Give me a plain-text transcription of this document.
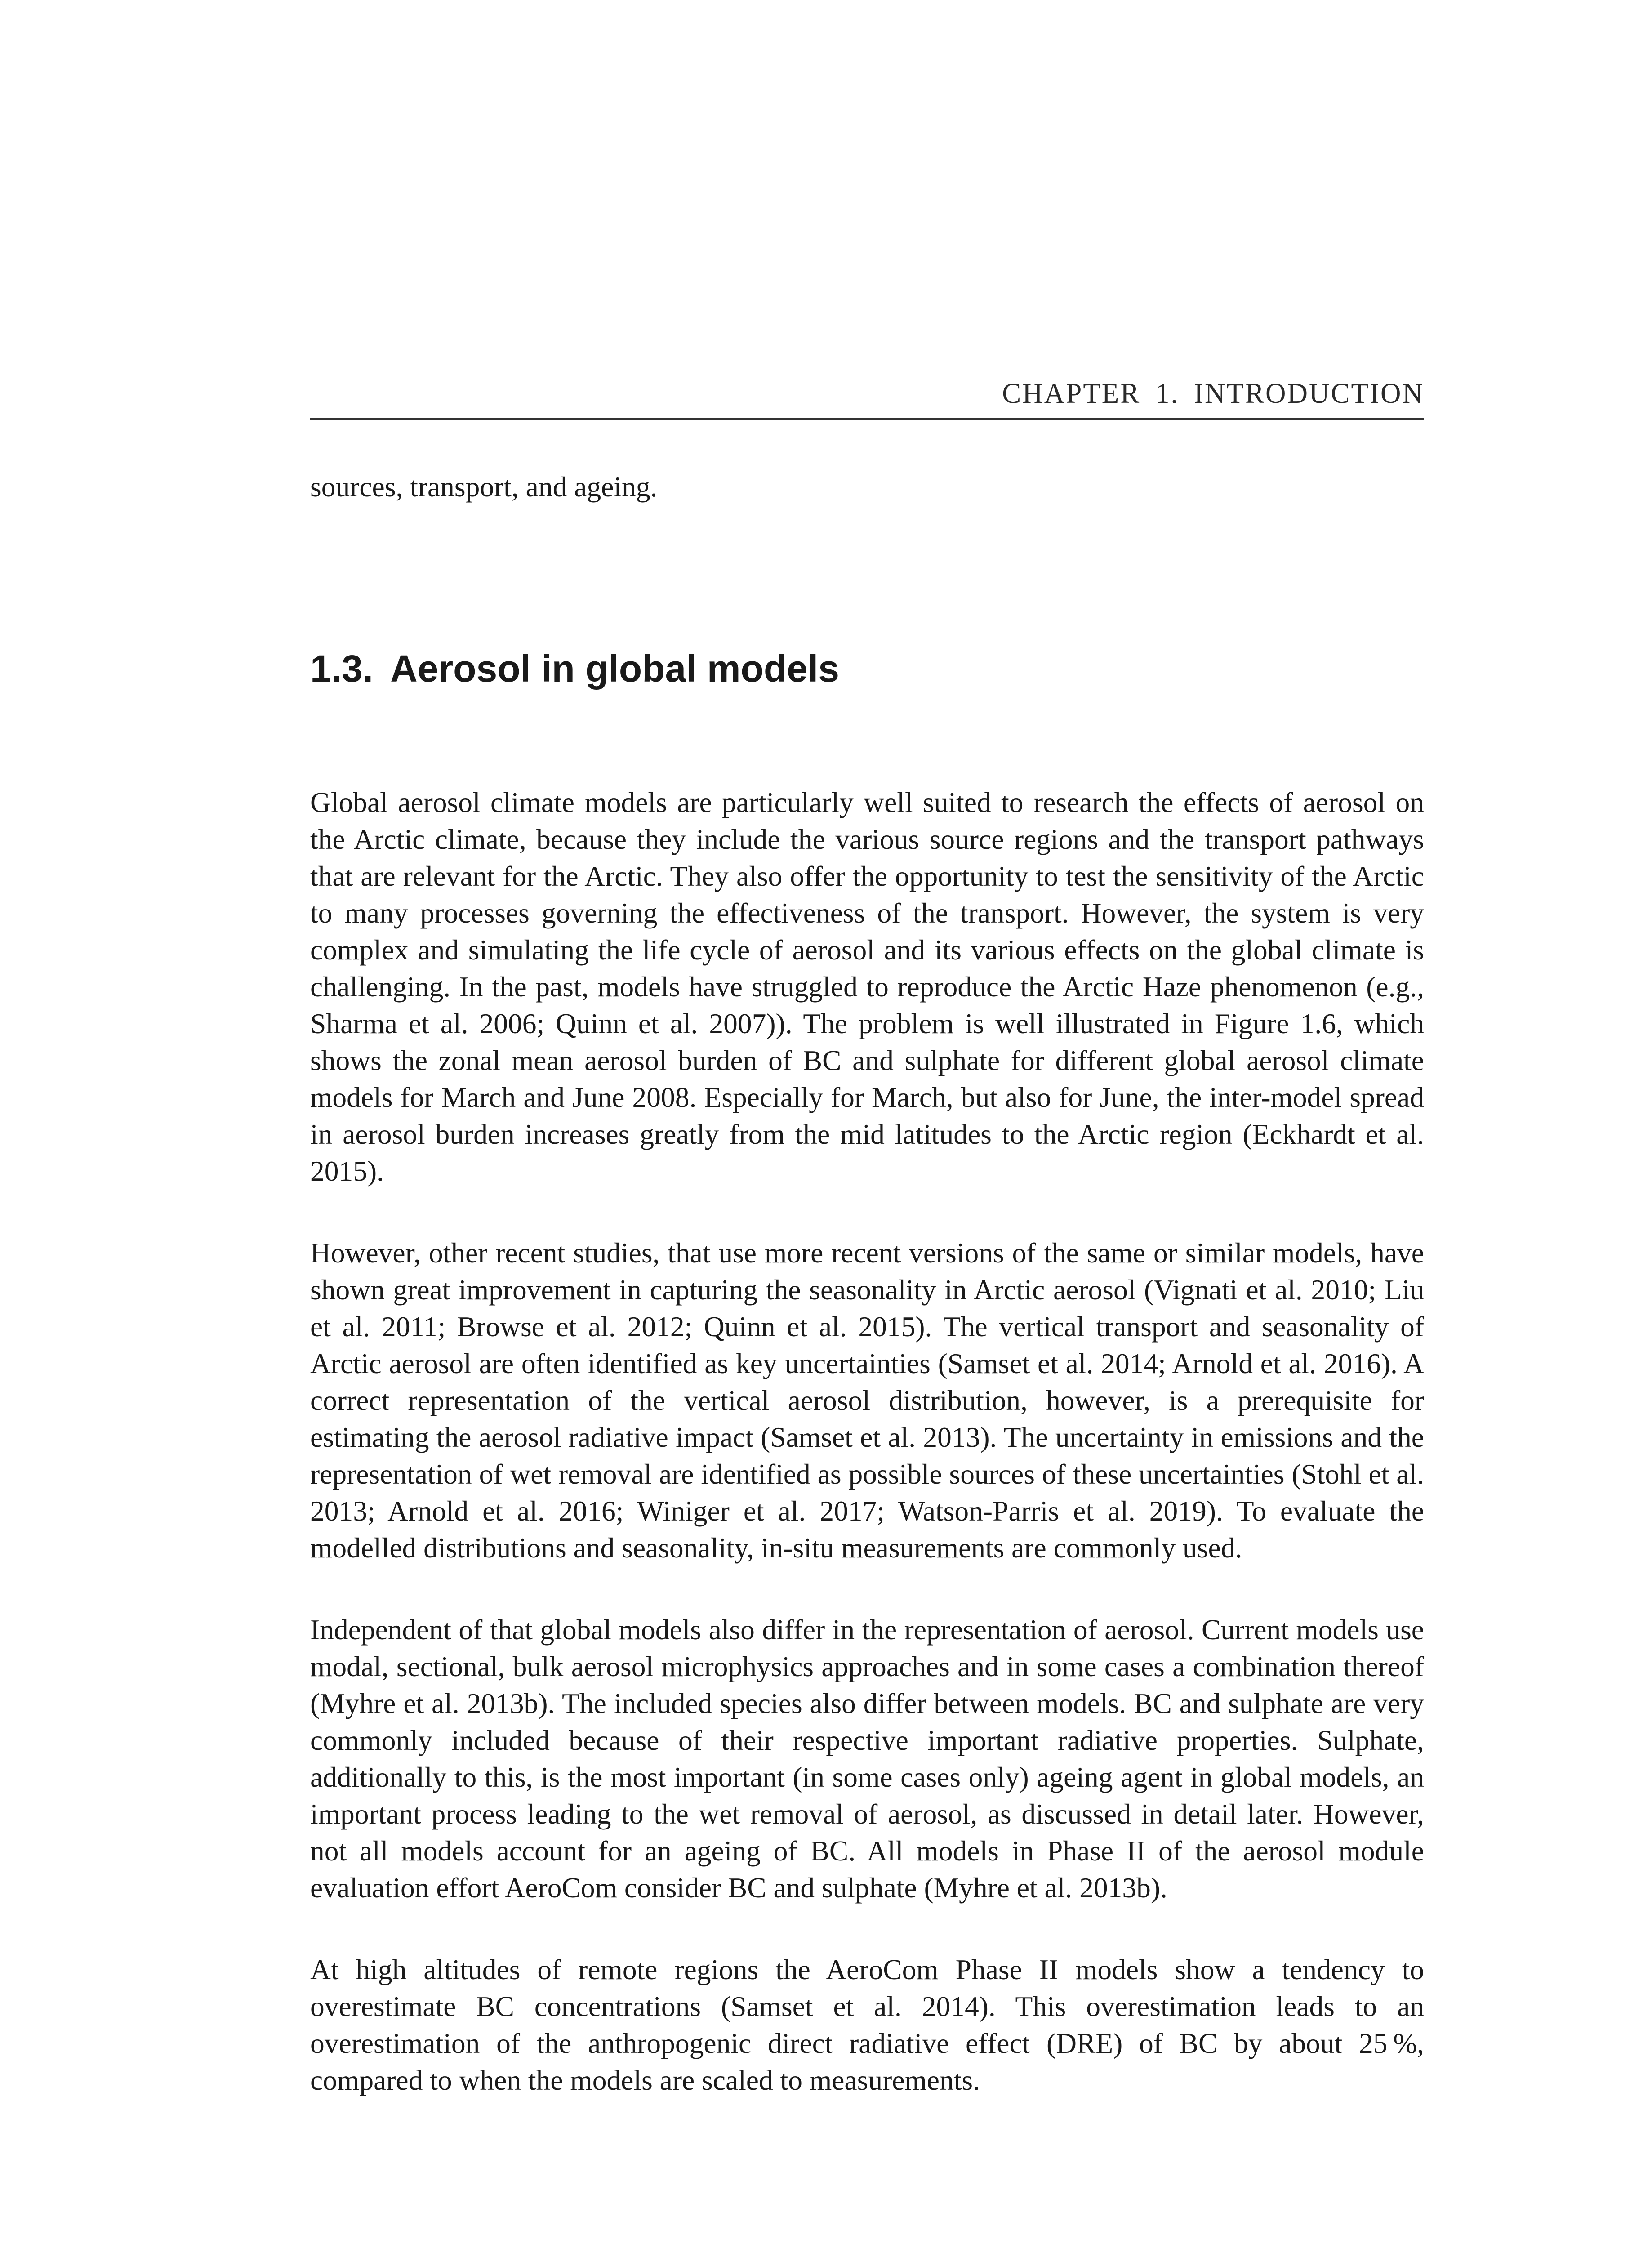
CHAPTER 1. INTRODUCTION

sources, transport, and ageing.

1.3. Aerosol in global models

Global aerosol climate models are particularly well suited to research the effects of aerosol on the Arctic climate, because they include the various source regions and the transport pathways that are relevant for the Arctic. They also offer the opportunity to test the sensitivity of the Arctic to many processes governing the effectiveness of the transport. However, the system is very complex and simulating the life cycle of aerosol and its various effects on the global climate is challenging. In the past, models have struggled to reproduce the Arctic Haze phenomenon (e.g., Sharma et al. 2006; Quinn et al. 2007)). The problem is well illustrated in Figure 1.6, which shows the zonal mean aerosol burden of BC and sulphate for different global aerosol climate models for March and June 2008. Especially for March, but also for June, the inter-model spread in aerosol burden increases greatly from the mid latitudes to the Arctic region (Eckhardt et al. 2015).

However, other recent studies, that use more recent versions of the same or similar models, have shown great improvement in capturing the seasonality in Arctic aerosol (Vignati et al. 2010; Liu et al. 2011; Browse et al. 2012; Quinn et al. 2015). The vertical transport and seasonality of Arctic aerosol are often identified as key uncertainties (Samset et al. 2014; Arnold et al. 2016). A correct representation of the vertical aerosol distribution, however, is a prerequisite for estimating the aerosol radiative impact (Samset et al. 2013). The uncertainty in emissions and the representation of wet removal are identified as possible sources of these uncertainties (Stohl et al. 2013; Arnold et al. 2016; Winiger et al. 2017; Watson-Parris et al. 2019). To evaluate the modelled distributions and seasonality, in-situ measurements are commonly used.

Independent of that global models also differ in the representation of aerosol. Current models use modal, sectional, bulk aerosol microphysics approaches and in some cases a combination thereof (Myhre et al. 2013b). The included species also differ between models. BC and sulphate are very commonly included because of their respective important radiative properties. Sulphate, additionally to this, is the most important (in some cases only) ageing agent in global models, an important process leading to the wet removal of aerosol, as discussed in detail later. However, not all models account for an ageing of BC. All models in Phase II of the aerosol module evaluation effort AeroCom consider BC and sulphate (Myhre et al. 2013b).

At high altitudes of remote regions the AeroCom Phase II models show a tendency to overestimate BC concentrations (Samset et al. 2014). This overestimation leads to an overestimation of the anthropogenic direct radiative effect (DRE) of BC by about 25 %, compared to when the models are scaled to measurements.
